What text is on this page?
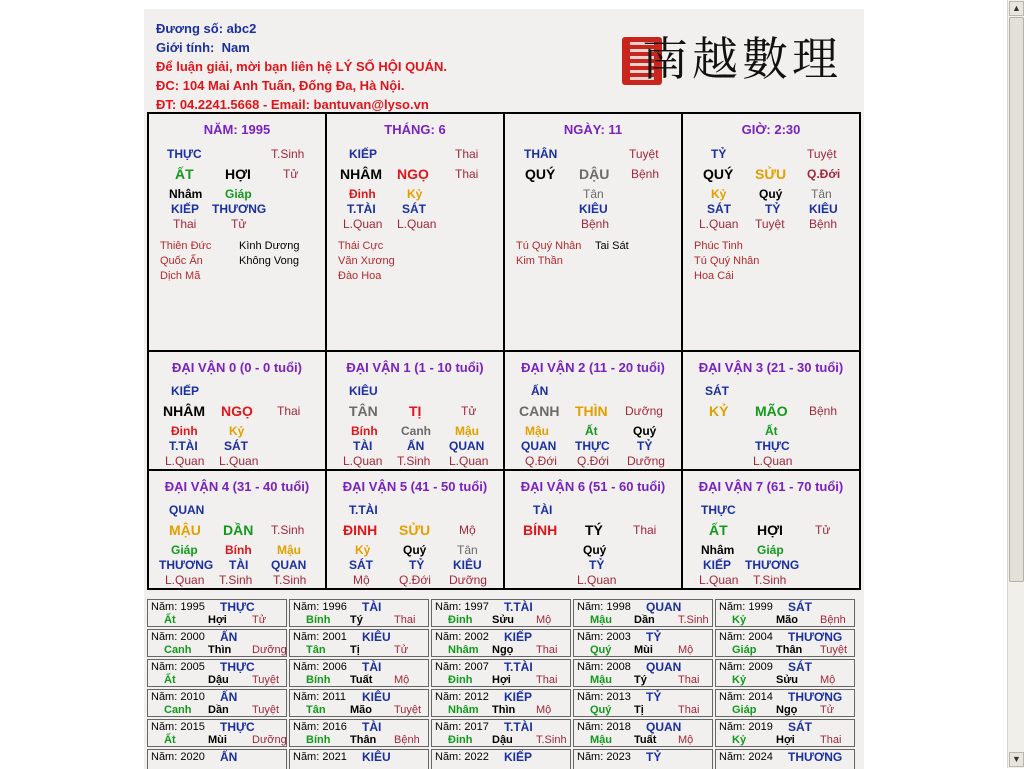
Đương số: abc2
Giới tính: Nam
Để luận giải, mời bạn liên hệ LÝ SỐ HỘI QUÁN.
ĐC: 104 Mai Anh Tuấn, Đống Đa, Hà Nội.
ĐT: 04.2241.5668 - Email: bantuvan@lyso.vn
南越數理
NĂM: 1995
THỰC	T.Sinh
ẤT HỢI	Tử
Nhâm Giáp
KIẾP THƯƠNG
Thai	Tử
Thiên Đức
Quốc Ấn
Dịch Mã
Kình Dương
Không Vong
THÁNG: 6
KIẾP	Thai
NHÂM NGỌ Thai
Đinh	Kỷ
T.TÀI SÁT
L.Quan L.Quan
Thái Cực
Văn Xương
Đào Hoa
NGÀY: 11
THÂN	Tuyệt
QUÝ DẬU Bệnh
Tân
KIÊU
Bệnh
Tú Quý Nhân
Kim Thần
Tai Sát
GIỜ: 2:30
TỶ	Tuyệt
QUÝ SỬU Q.Đới
Kỷ	Quý Tân
SÁT	TỶ KIÊU
L.Quan Tuyệt Bệnh
Phúc Tinh
Tú Quý Nhân
Hoa Cái
ĐẠI VẬN 0 (0 - 0 tuổi)
KIẾP
NHÂM NGỌ Thai
Đinh	Kỷ
T.TÀI SÁT
L.Quan L.Quan
ĐẠI VẬN 1 (1 - 10 tuổi)
KIÊU
TÂN TỊ	Tử
Bính Canh Mậu
TÀI	ẤN QUAN
L.Quan T.Sinh L.Quan
ĐẠI VẬN 2 (11 - 20 tuổi)
ẤN
CANH THÌN Dưỡng
Mậu	Ất	Quý
QUAN THỰC TỶ
Q.Đới Q.Đới Dưỡng
ĐẠI VẬN 3 (21 - 30 tuổi)
SÁT
KỶ MÃO Bệnh
Ất
THỰC
L.Quan
ĐẠI VẬN 4 (31 - 40 tuổi)
QUAN
MẬU DẦN T.Sinh
Giáp Bính Mậu
THƯƠNG TÀI QUAN
L.Quan T.Sinh T.Sinh
ĐẠI VẬN 5 (41 - 50 tuổi)
T.TÀI
ĐINH SỬU Mộ
Kỷ	Quý	Tân
SÁT	TỶ KIÊU
Mộ Q.Đới Dưỡng
ĐẠI VẬN 6 (51 - 60 tuổi)
TÀI
BÍNH TÝ	Thai
Quý
TỶ
L.Quan
ĐẠI VẬN 7 (61 - 70 tuổi)
THỰC
ẤT HỢI	Tử
Nhâm Giáp
KIẾP THƯƠNG
L.Quan T.Sinh
Năm: 1995 THỰC
Ất	Hợi Tử
Năm: 1996 TÀI
Bính Tý	Thai
Năm: 1997 T.TÀI
Đinh Sửu Mộ
Năm: 1998 QUAN
Mậu Dần T.Sinh
Năm: 1999 SÁT
Kỷ	Mão Bệnh
Năm: 2000 ẤN
Canh Thìn Dưỡng
Năm: 2001 KIÊU
Tân Tị	Tử
Năm: 2002 KIẾP
Nhâm Ngọ Thai
Năm: 2003 TỶ
Quý Mùi Mộ
Năm: 2004 THƯƠNG
Giáp Thân Tuyệt
Năm: 2005 THỰC
Ất	Dậu Tuyệt
Năm: 2006 TÀI
Bính Tuất Mộ
Năm: 2007 T.TÀI
Đinh Hợi Thai
Năm: 2008 QUAN
Mậu Tý	Thai
Năm: 2009 SÁT
Kỷ	Sửu Mộ
Năm: 2010 ẤN
Canh Dần Tuyệt
Năm: 2011 KIÊU
Tân Mão Tuyệt
Năm: 2012 KIẾP
Nhâm Thìn Mộ
Năm: 2013 TỶ
Quý Tị	Thai
Năm: 2014 THƯƠNG
Giáp Ngọ Tử
Năm: 2015 THỰC
Ất	Mùi Dưỡng
Năm: 2016 TÀI
Bính Thân Bệnh
Năm: 2017 T.TÀI
Đinh Dậu T.Sinh
Năm: 2018 QUAN
Mậu Tuất Mộ
Năm: 2019 SÁT
Kỷ	Hợi Thai
Năm: 2020 ẤN	Năm: 2021 KIÊU	Năm: 2022 KIẾP	Năm: 2023 TỶ	Năm: 2024 THƯƠNG
▲
▼
